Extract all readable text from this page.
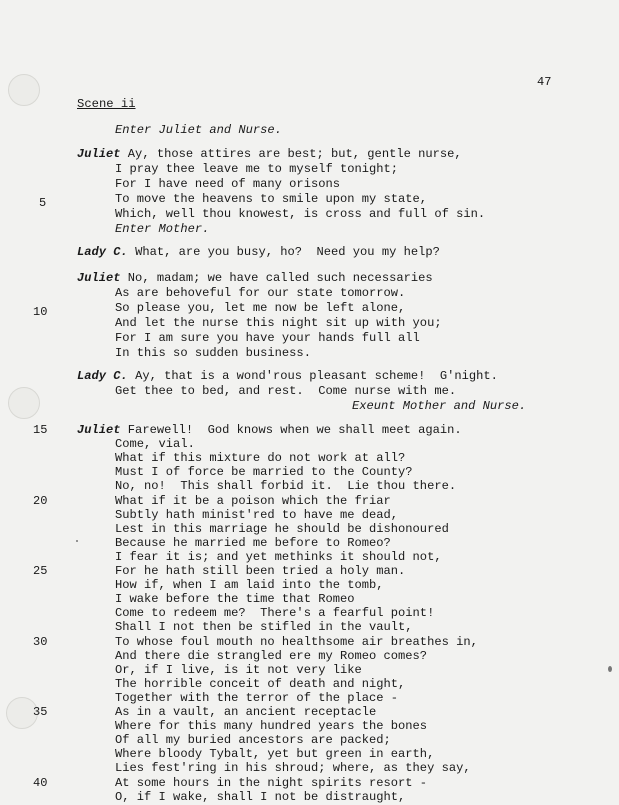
47
Scene ii
Enter Juliet and Nurse.
Juliet Ay, those attires are best; but, gentle nurse,
I pray thee leave me to myself tonight;
For I have need of many orisons
To move the heavens to smile upon my state,
Which, well thou knowest, is cross and full of sin.
5
Enter Mother.
Lady C. What, are you busy, ho?  Need you my help?
Juliet No, madam; we have called such necessaries
As are behoveful for our state tomorrow.
So please you, let me now be left alone,
And let the nurse this night sit up with you;
For I am sure you have your hands full all
In this so sudden business.
10
Lady C. Ay, that is a wond'rous pleasant scheme!  G'night.
Get thee to bed, and rest.  Come nurse with me.
Exeunt Mother and Nurse.
Juliet Farewell!  God knows when we shall meet again.
Come, vial.
What if this mixture do not work at all?
Must I of force be married to the County?
No, no!  This shall forbid it.  Lie thou there.
What if it be a poison which the friar
Subtly hath minist'red to have me dead,
Lest in this marriage he should be dishonoured
Because he married me before to Romeo?
I fear it is; and yet methinks it should not,
For he hath still been tried a holy man.
How if, when I am laid into the tomb,
I wake before the time that Romeo
Come to redeem me?  There's a fearful point!
Shall I not then be stifled in the vault,
To whose foul mouth no healthsome air breathes in,
And there die strangled ere my Romeo comes?
Or, if I live, is it not very like
The horrible conceit of death and night,
Together with the terror of the place -
As in a vault, an ancient receptacle
Where for this many hundred years the bones
Of all my buried ancestors are packed;
Where bloody Tybalt, yet but green in earth,
Lies fest'ring in his shroud; where, as they say,
At some hours in the night spirits resort -
O, if I wake, shall I not be distraught,
15
20
25
30
35
40
